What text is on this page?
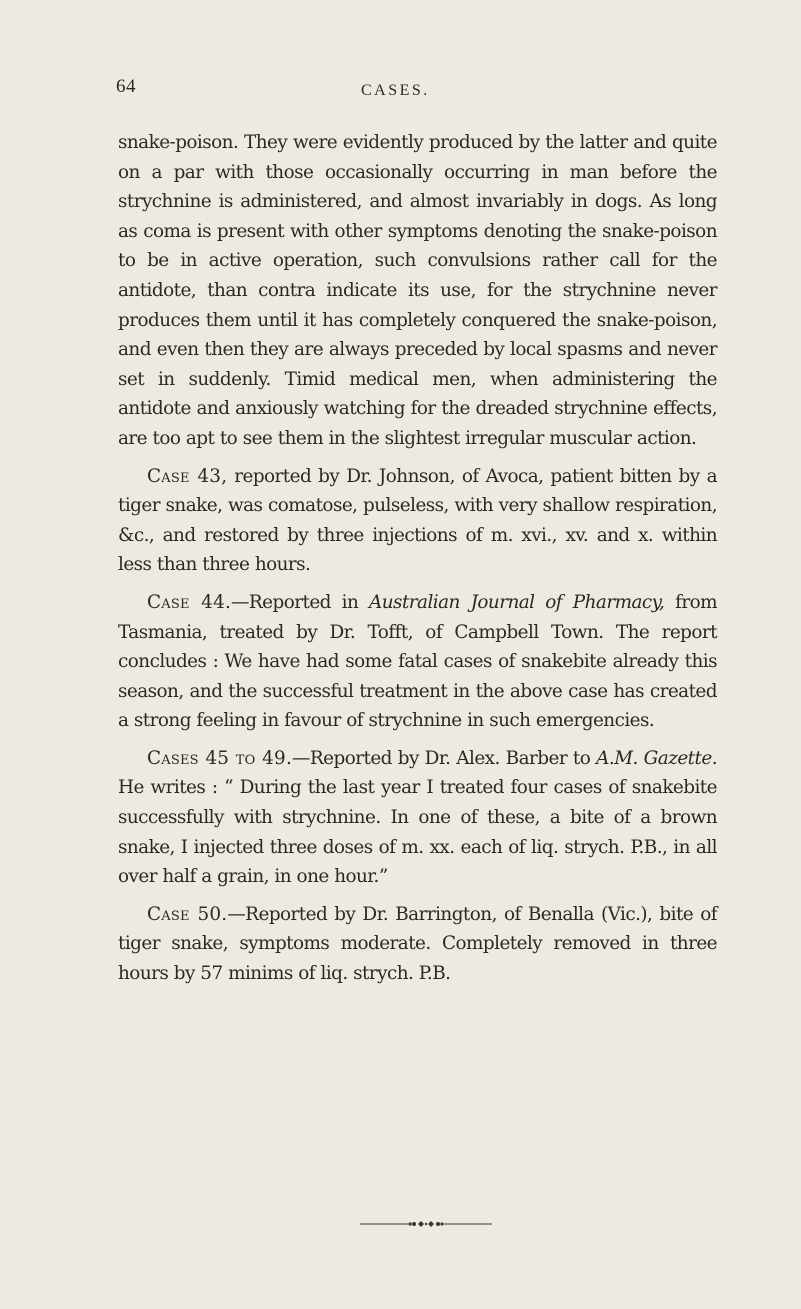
64	CASES.

snake-poison. They were evidently produced by the latter and quite on a par with those occasionally occurring in man before the strychnine is administered, and almost invariably in dogs. As long as coma is present with other symptoms denoting the snake-poison to be in active operation, such convulsions rather call for the antidote, than contra indicate its use, for the strychnine never produces them until it has completely conquered the snake-poison, and even then they are always preceded by local spasms and never set in suddenly. Timid medical men, when administering the antidote and anxiously watching for the dreaded strychnine effects, are too apt to see them in the slightest irregular muscular action.

Case 43, reported by Dr. Johnson, of Avoca, patient bitten by a tiger snake, was comatose, pulseless, with very shallow respiration, &c., and restored by three injections of m. xvi., xv. and x. within less than three hours.

Case 44.—Reported in Australian Journal of Pharmacy, from Tasmania, treated by Dr. Tofft, of Campbell Town. The report concludes : We have had some fatal cases of snakebite already this season, and the successful treatment in the above case has created a strong feeling in favour of strychnine in such emergencies.

Cases 45 to 49.—Reported by Dr. Alex. Barber to A.M. Gazette. He writes : “ During the last year I treated four cases of snakebite successfully with strychnine. In one of these, a bite of a brown snake, I injected three doses of m. xx. each of liq. strych. P.B., in all over half a grain, in one hour.”

Case 50.—Reported by Dr. Barrington, of Benalla (Vic.), bite of tiger snake, symptoms moderate. Completely removed in three hours by 57 minims of liq. strych. P.B.
